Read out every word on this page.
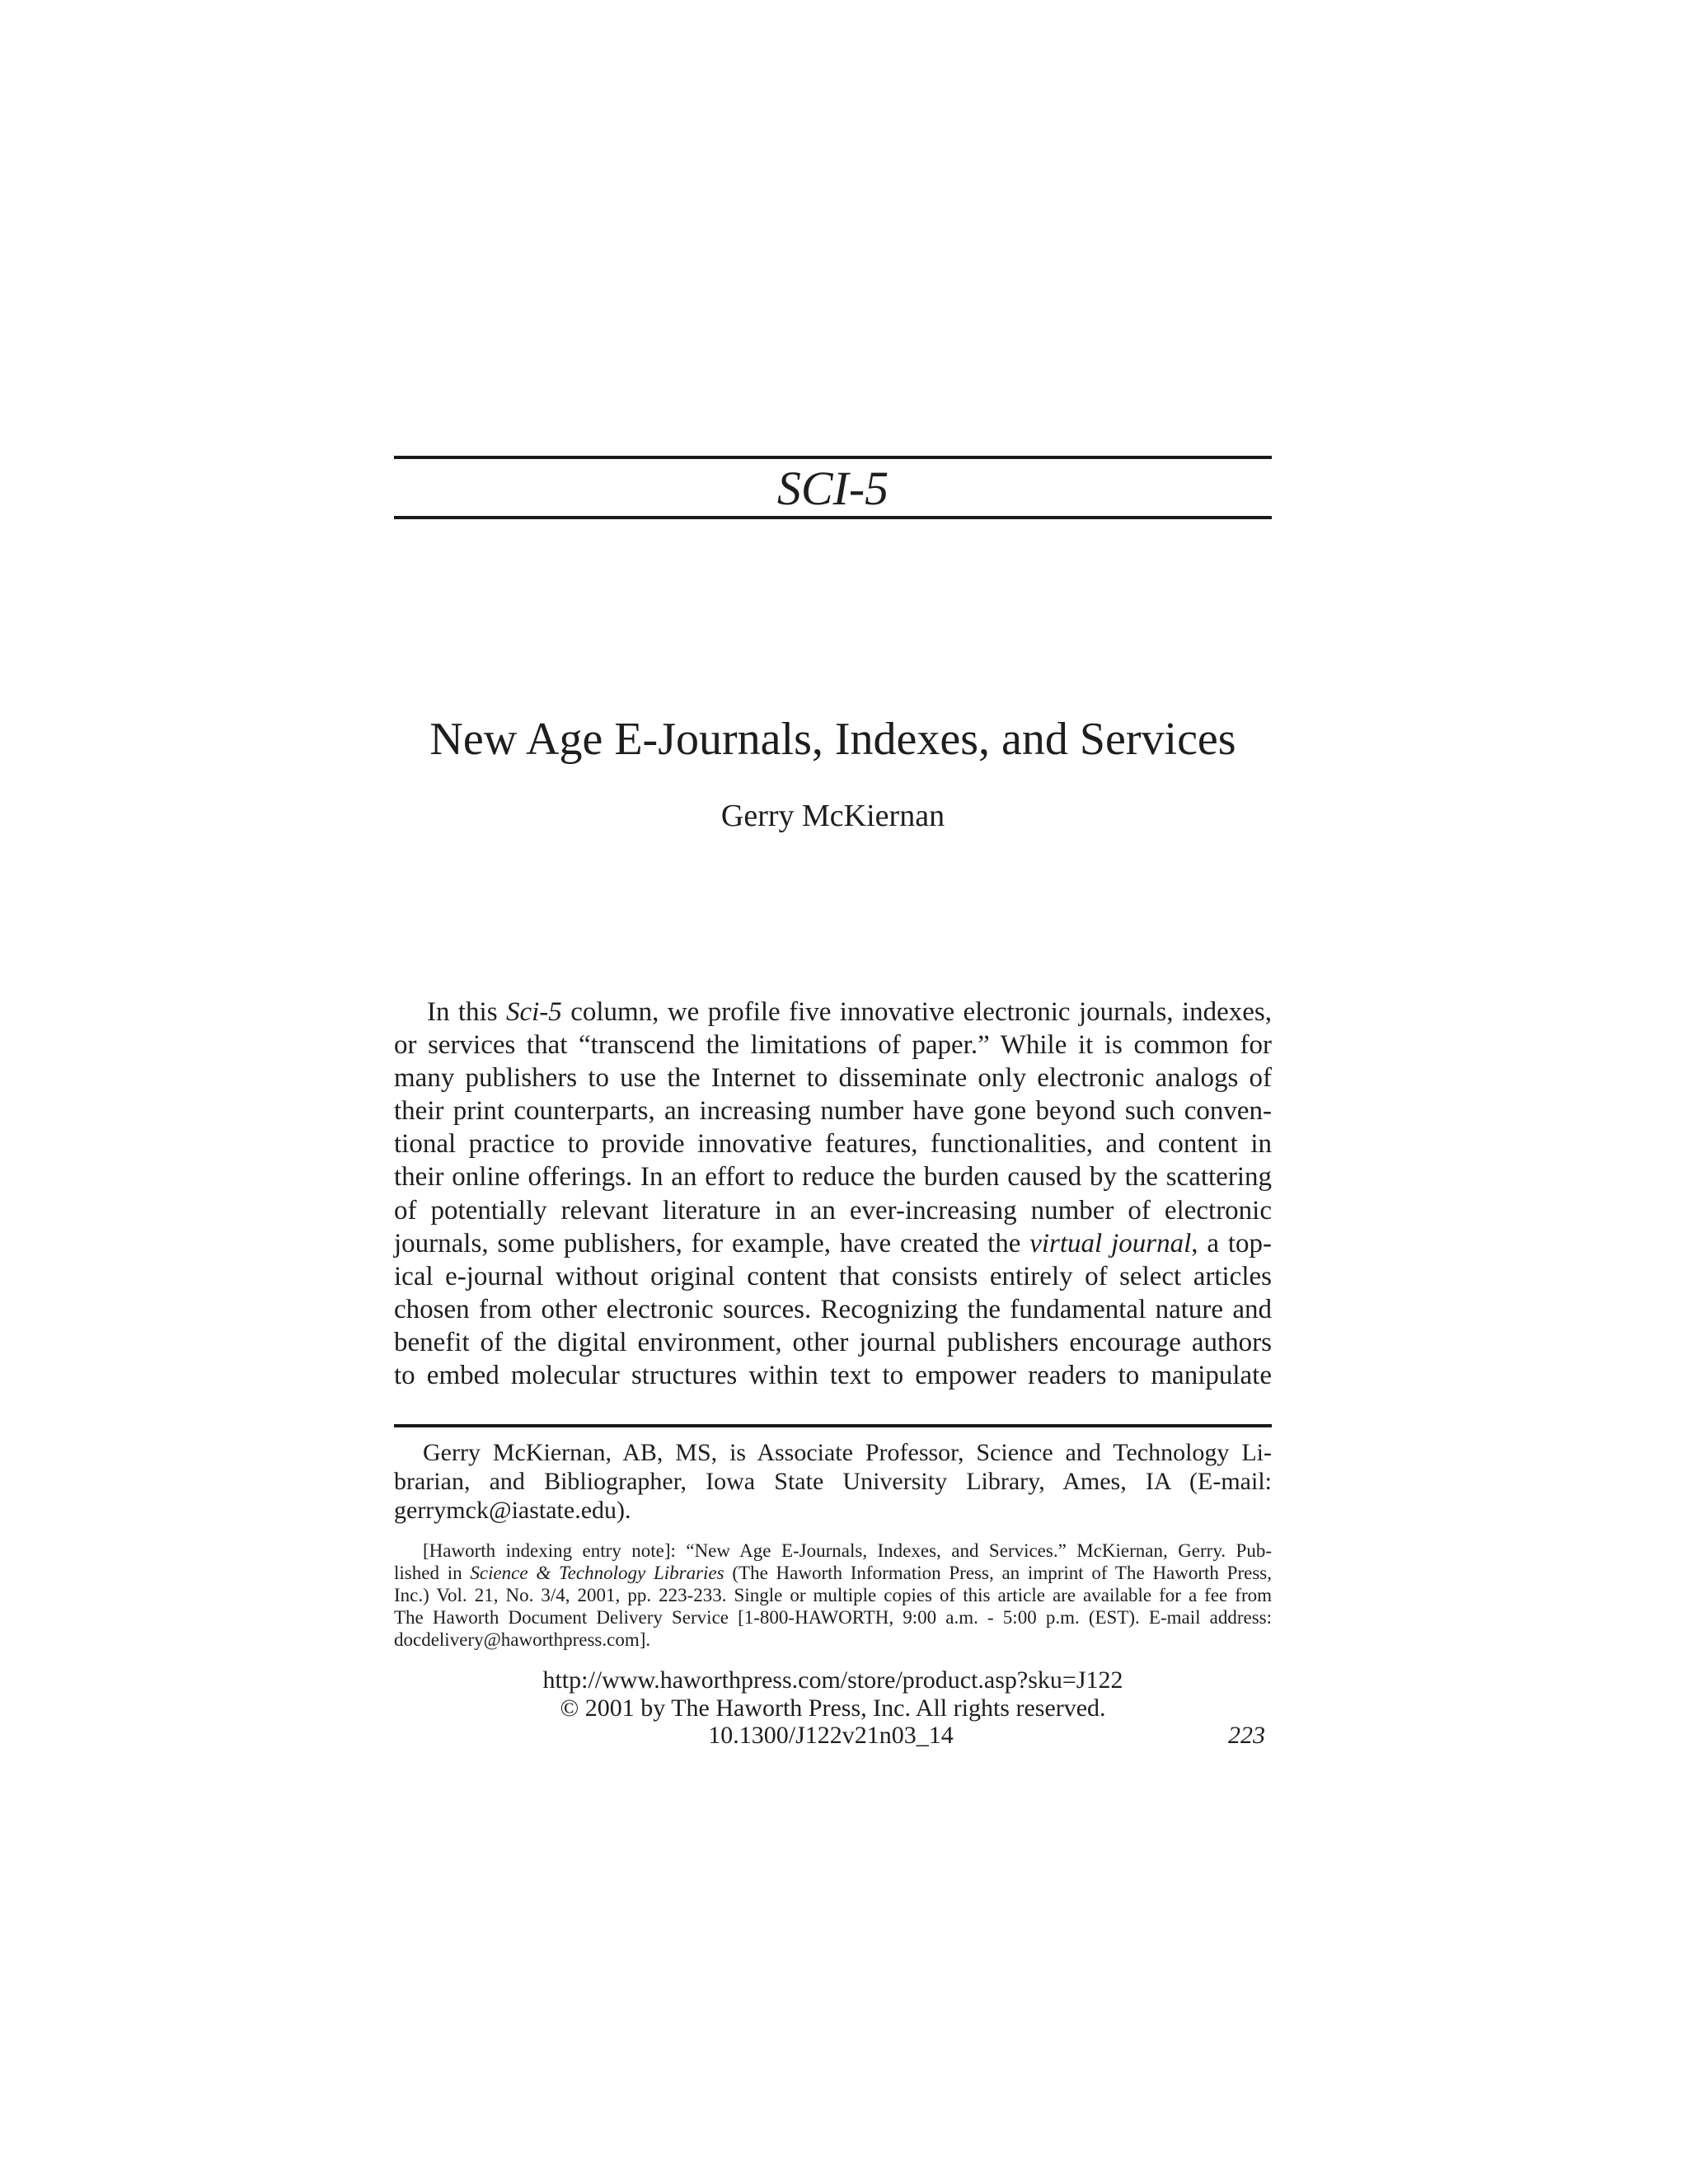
SCI-5
New Age E-Journals, Indexes, and Services
Gerry McKiernan
In this Sci-5 column, we profile five innovative electronic journals, indexes,
or services that “transcend the limitations of paper.” While it is common for
many publishers to use the Internet to disseminate only electronic analogs of
their print counterparts, an increasing number have gone beyond such conven-
tional practice to provide innovative features, functionalities, and content in
their online offerings. In an effort to reduce the burden caused by the scattering
of potentially relevant literature in an ever-increasing number of electronic
journals, some publishers, for example, have created the virtual journal, a top-
ical e-journal without original content that consists entirely of select articles
chosen from other electronic sources. Recognizing the fundamental nature and
benefit of the digital environment, other journal publishers encourage authors
to embed molecular structures within text to empower readers to manipulate
Gerry McKiernan, AB, MS, is Associate Professor, Science and Technology Li-
brarian, and Bibliographer, Iowa State University Library, Ames, IA (E-mail:
gerrymck@iastate.edu).
[Haworth indexing entry note]: “New Age E-Journals, Indexes, and Services.” McKiernan, Gerry. Pub-
lished in Science & Technology Libraries (The Haworth Information Press, an imprint of The Haworth Press,
Inc.) Vol. 21, No. 3/4, 2001, pp. 223-233. Single or multiple copies of this article are available for a fee from
The Haworth Document Delivery Service [1-800-HAWORTH, 9:00 a.m. - 5:00 p.m. (EST). E-mail address:
docdelivery@haworthpress.com].
http://www.haworthpress.com/store/product.asp?sku=J122
© 2001 by The Haworth Press, Inc. All rights reserved.
10.1300/J122v21n03_14	223
